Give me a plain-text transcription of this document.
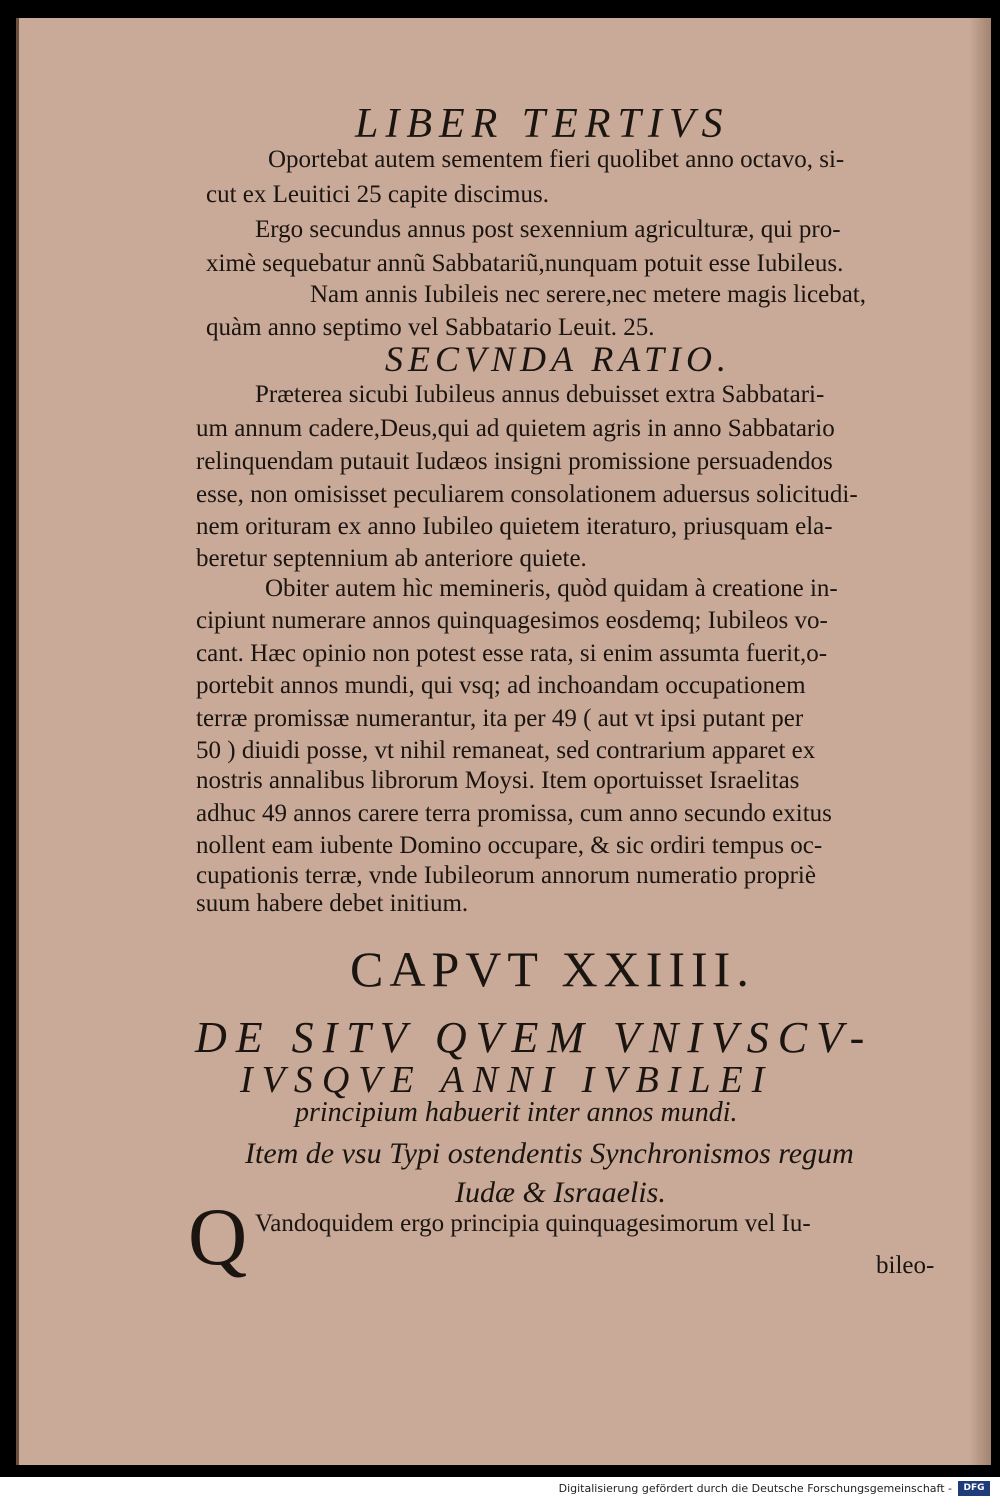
LIBER TERTIVS
Oportebat autem sementem fieri quolibet anno octavo, si-
cut ex Leuitici 25 capite discimus.
Ergo secundus annus post sexennium agriculturæ, qui pro-
ximè sequebatur annũ Sabbatariũ,nunquam potuit esse Iubileus.
Nam annis Iubileis nec serere,nec metere magis licebat,
quàm anno septimo vel Sabbatario Leuit. 25.
SECVNDA RATIO.
Præterea sicubi Iubileus annus debuisset extra Sabbatari-
um annum cadere,Deus,qui ad quietem agris in anno Sabbatario
relinquendam putauit Iudæos insigni promissione persuadendos
esse, non omisisset peculiarem consolationem aduersus solicitudi-
nem orituram ex anno Iubileo quietem iteraturo, priusquam ela-
beretur septennium ab anteriore quiete.
Obiter autem hìc memineris, quòd quidam à creatione in-
cipiunt numerare annos quinquagesimos eosdemq; Iubileos vo-
cant. Hæc opinio non potest esse rata, si enim assumta fuerit,o-
portebit annos mundi, qui vsq; ad inchoandam occupationem
terræ promissæ numerantur, ita per 49 ( aut vt ipsi putant per
50 ) diuidi posse, vt nihil remaneat, sed contrarium apparet ex
nostris annalibus librorum Moysi. Item oportuisset Israelitas
adhuc 49 annos carere terra promissa, cum anno secundo exitus
nollent eam iubente Domino occupare, & sic ordiri tempus oc-
cupationis terræ, vnde Iubileorum annorum numeratio propriè
suum habere debet initium.
CAPVT XXIIII.
DE SITV QVEM VNIVSCV-
IVSQVE ANNI IVBILEI
principium habuerit inter annos mundi.
Item de vsu Typi ostendentis Synchronismos regum
Iudæ & Israaelis.
Q Vandoquidem ergo principia quinquagesimorum vel Iu-
bileo-
Digitalisierung gefördert durch die Deutsche Forschungsgemeinschaft -	DFG
